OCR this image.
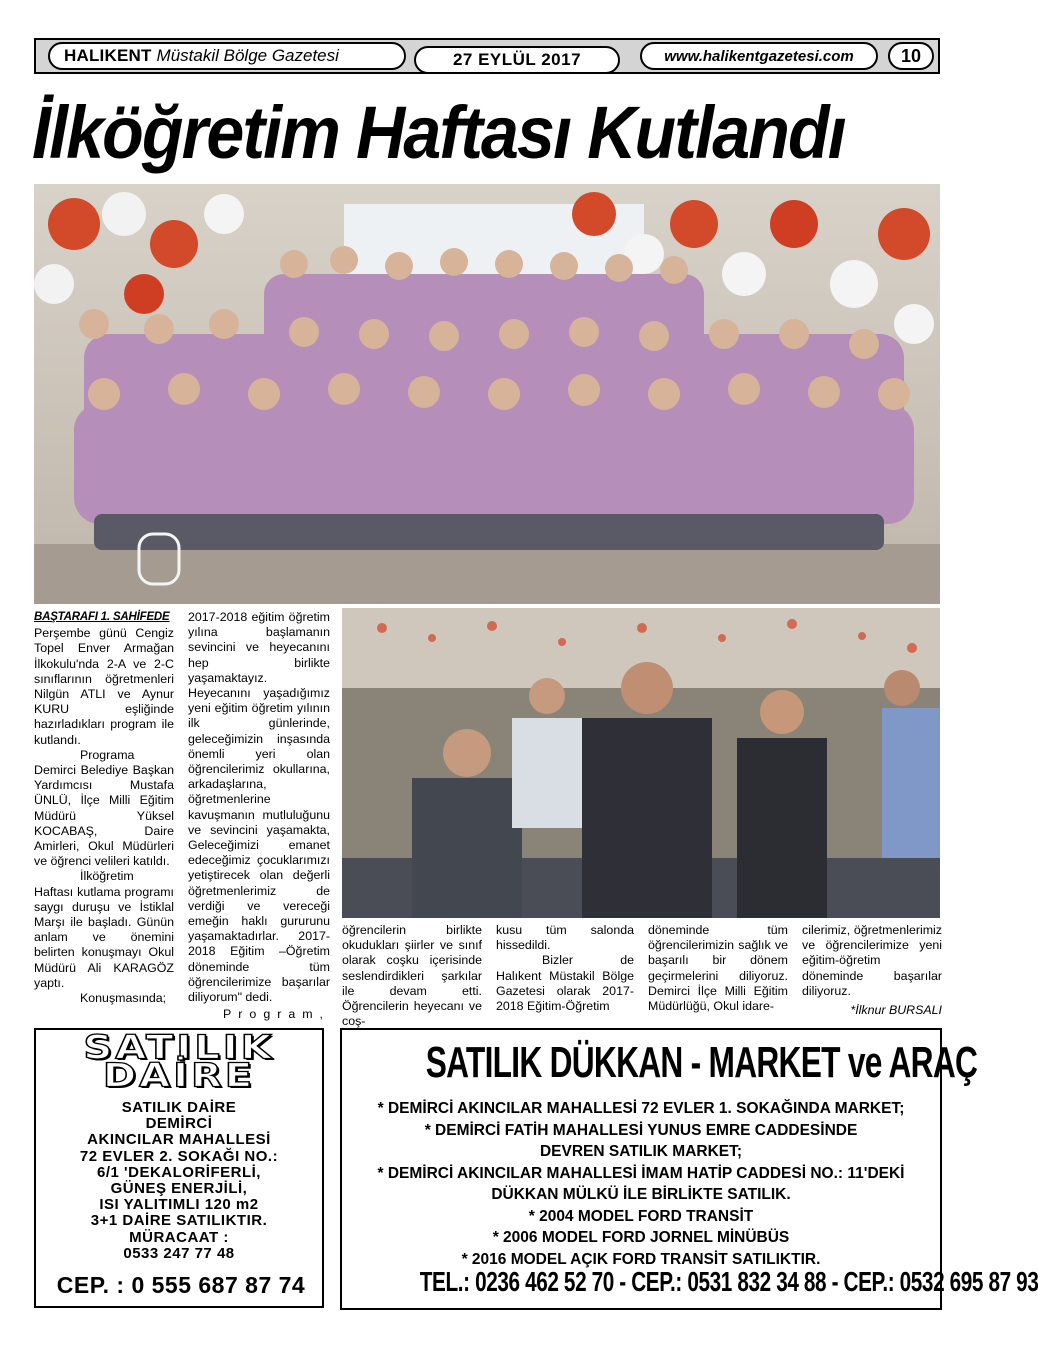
HALIKENT Müstakil Bölge Gazetesi	27 EYLÜL 2017	www.halikentgazetesi.com	10
İlköğretim Haftası Kutlandı
BAŞTARAFI 1. SAHİFEDE

Perşembe günü Cengiz Topel Enver Armağan İlkokulu'nda 2-A ve 2-C sınıflarının öğretmenleri Nilgün ATLI ve Aynur KURU eşliğinde hazırladıkları program ile kutlandı.

Programa Demirci Belediye Başkan Yardımcısı Mustafa ÜNLÜ, İlçe Milli Eğitim Müdürü Yüksel KOCABAŞ, Daire Amirleri, Okul Müdürleri ve öğrenci velileri katıldı.

İlköğretim Haftası kutlama programı saygı duruşu ve İstiklal Marşı ile başladı. Günün anlam ve önemini belirten konuşmayı Okul Müdürü Ali KARAGÖZ yaptı.

Konuşmasında;

2017-2018 eğitim öğretim yılına başlamanın sevincini ve heyecanını hep birlikte yaşamaktayız. Heyecanını yaşadığımız yeni eğitim öğretim yılının ilk günlerinde, geleceğimizin inşasında önemli yeri olan öğrencilerimiz okullarına, arkadaşlarına, öğretmenlerine kavuşmanın mutluluğunu ve sevincini yaşamakta, Geleceğimizi emanet edeceğimiz çocuklarımızı yetiştirecek olan değerli öğretmenlerimiz de verdiği ve vereceği emeğin haklı gururunu yaşamaktadırlar. 2017-2018 Eğitim –Öğretim döneminde tüm öğrencilerimize başarılar diliyorum" dedi.

Program,

öğrencilerin birlikte okudukları şiirler ve sınıf olarak coşku içerisinde seslendirdikleri şarkılar ile devam etti. Öğrencilerin heyecanı ve coş-

kusu tüm salonda hissedildi.

Bizler de Halıkent Müstakil Bölge Gazetesi olarak 2017-2018 Eğitim-Öğretim

döneminde tüm öğrencilerimizin sağlık ve başarılı bir dönem geçirmelerini diliyoruz. Demirci İlçe Milli Eğitim Müdürlüğü, Okul idare-

cilerimiz, öğretmenlerimiz ve öğrencilerimize yeni eğitim-öğretim döneminde başarılar diliyoruz.

*İlknur BURSALI
SATILIK
DAİRE
SATILIK DAİRE
DEMİRCİ
AKINCILAR MAHALLESİ
72 EVLER 2. SOKAĞI NO.:
6/1 'DEKALORİFERLİ,
GÜNEŞ ENERJİLİ,
ISI YALITIMLI 120 m2
3+1 DAİRE SATILIKTIR.
MÜRACAAT :
0533 247 77 48
CEP. : 0 555 687 87 74
SATILIK DÜKKAN - MARKET ve ARAÇ
* DEMİRCİ AKINCILAR MAHALLESİ 72 EVLER 1. SOKAĞINDA MARKET;
* DEMİRCİ FATİH MAHALLESİ YUNUS EMRE CADDESİNDE
DEVREN SATILIK MARKET;
* DEMİRCİ AKINCILAR MAHALLESİ İMAM HATİP CADDESİ NO.: 11'DEKİ
DÜKKAN MÜLKÜ İLE BİRLİKTE SATILIK.
* 2004 MODEL FORD TRANSİT
* 2006 MODEL FORD JORNEL MİNÜBÜS
* 2016 MODEL AÇIK FORD TRANSİT SATILIKTIR.
TEL.: 0236 462 52 70 - CEP.: 0531 832 34 88 - CEP.: 0532 695 87 93
